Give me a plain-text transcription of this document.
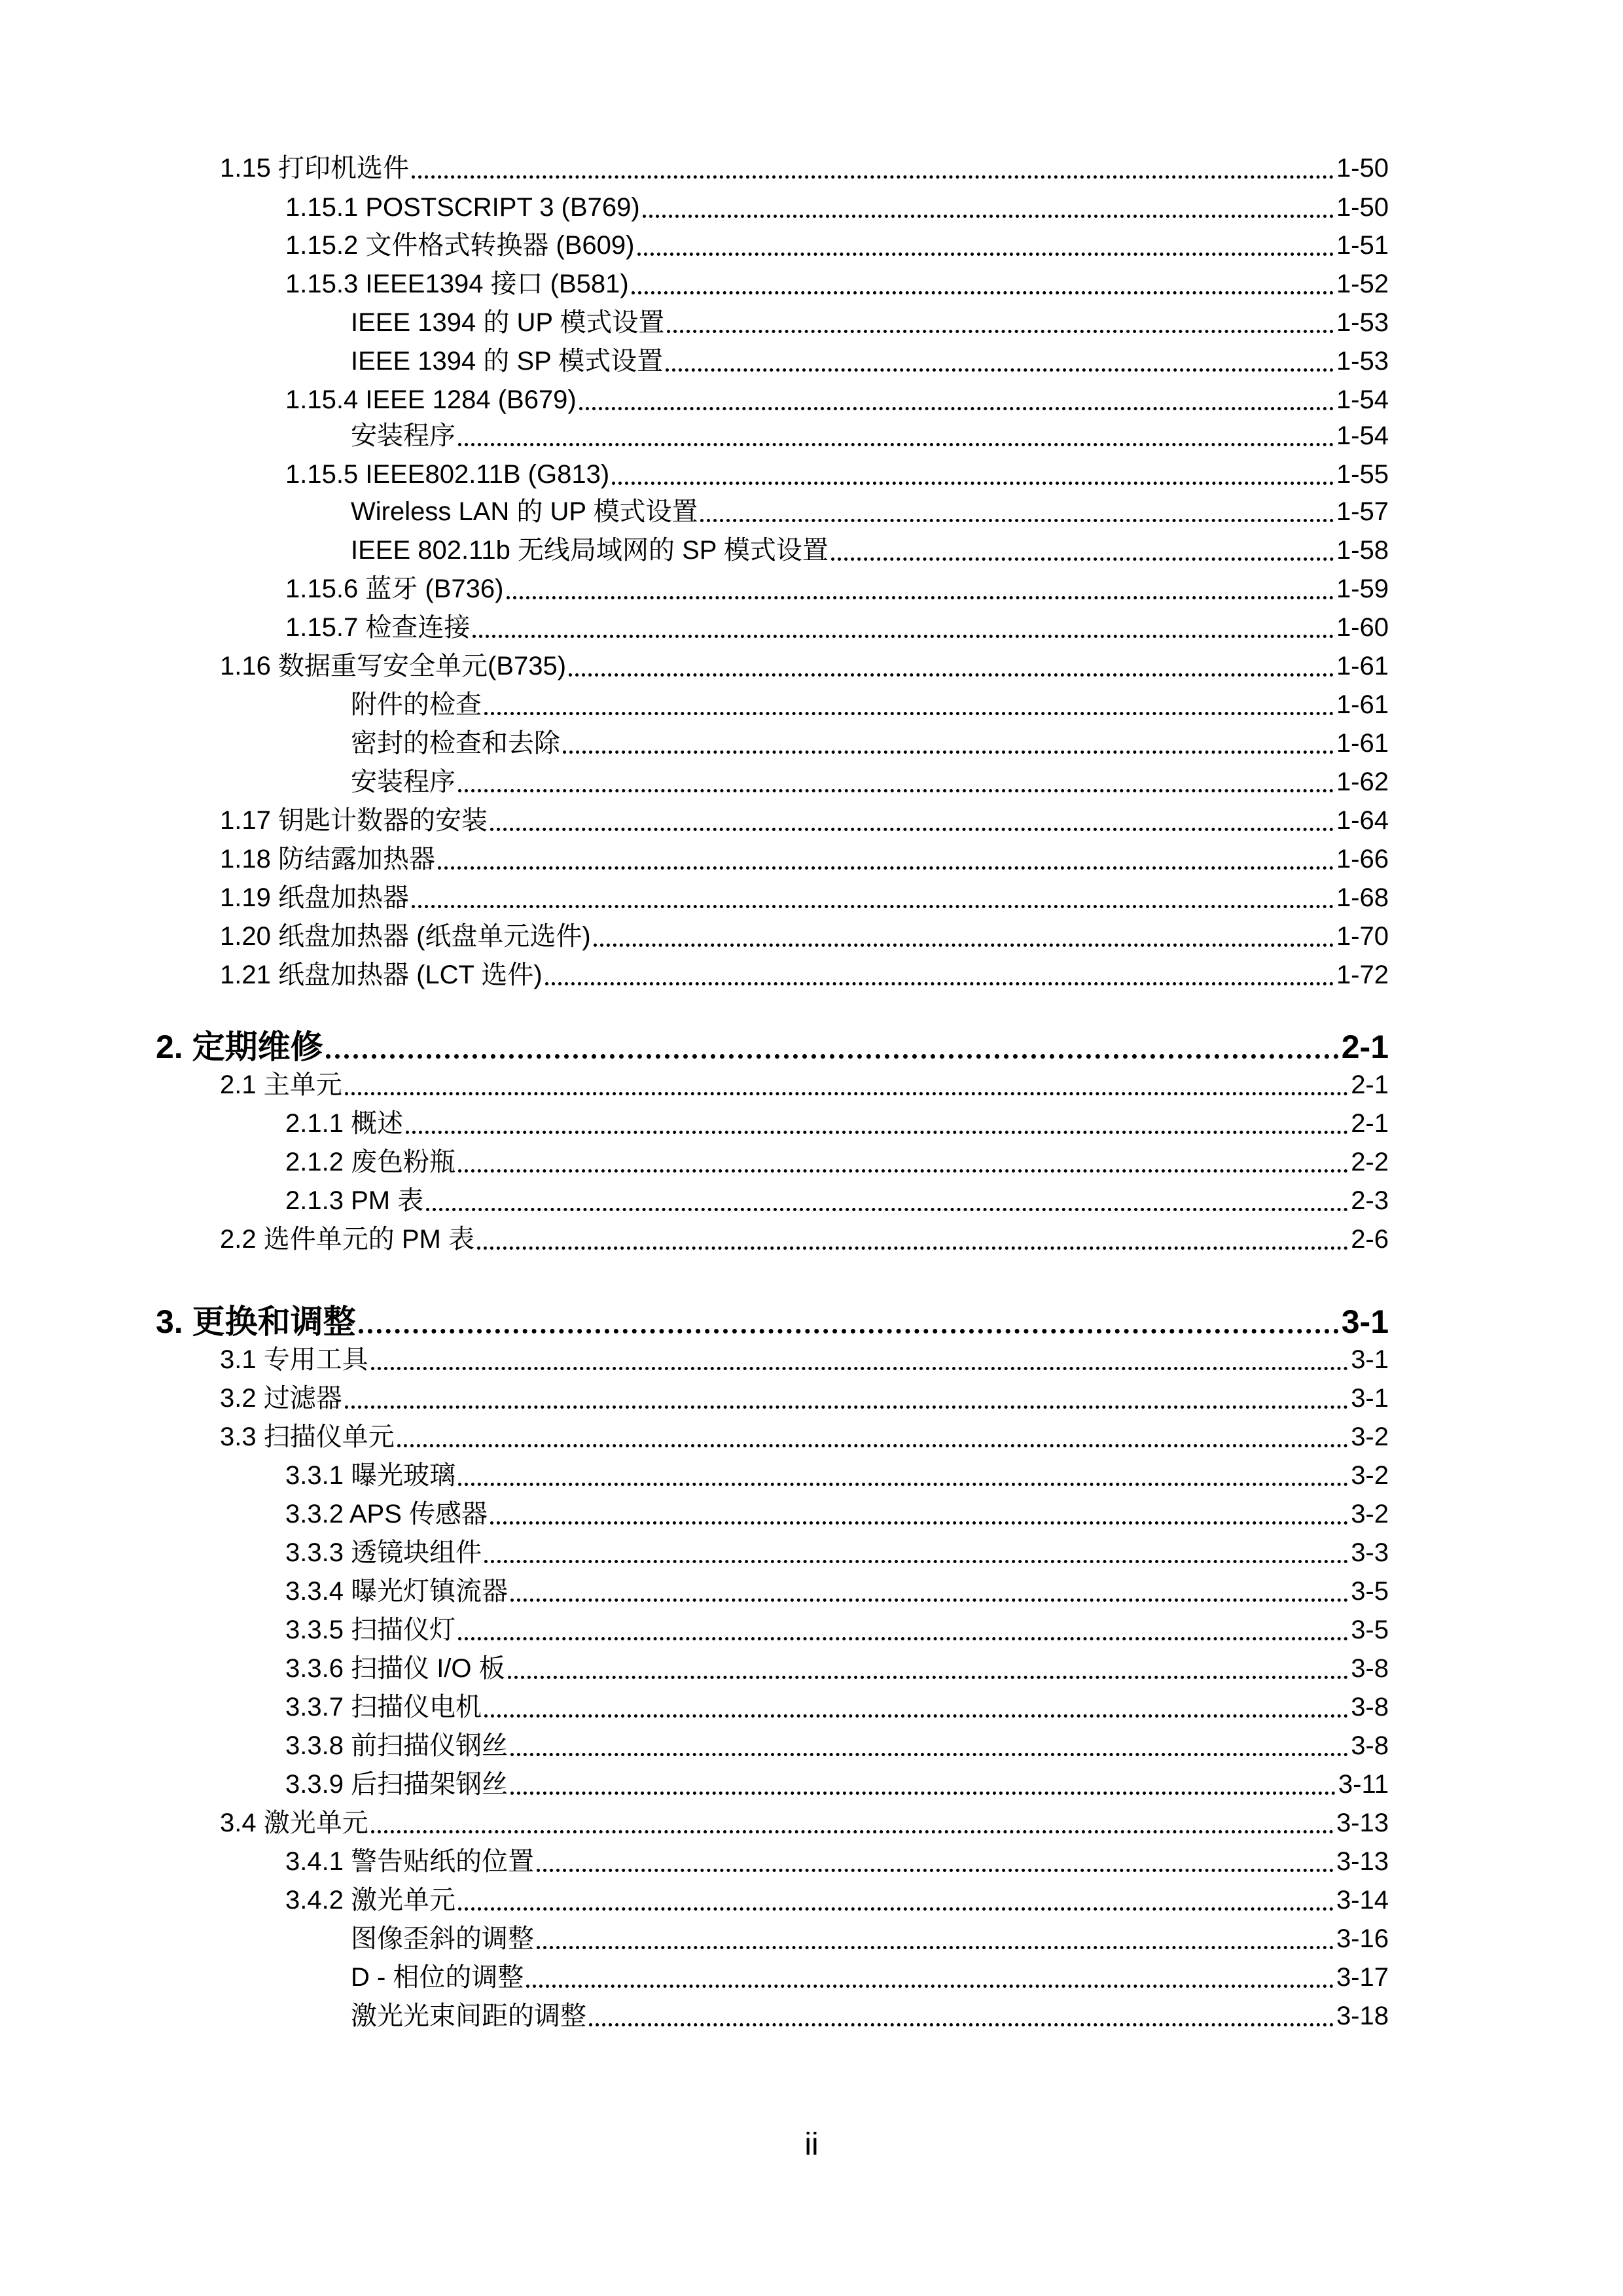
1.15 打印机选件	1-50
1.15.1 POSTSCRIPT 3 (B769)	1-50
1.15.2 文件格式转换器 (B609)	1-51
1.15.3 IEEE1394 接口 (B581)	1-52
IEEE 1394 的 UP 模式设置	1-53
IEEE 1394 的 SP 模式设置	1-53
1.15.4 IEEE 1284 (B679)	1-54
安装程序	1-54
1.15.5 IEEE802.11B (G813)	1-55
Wireless LAN 的 UP 模式设置	1-57
IEEE 802.11b 无线局域网的 SP 模式设置	1-58
1.15.6 蓝牙 (B736)	1-59
1.15.7 检查连接	1-60
1.16 数据重写安全单元(B735)	1-61
附件的检查	1-61
密封的检查和去除	1-61
安装程序	1-62
1.17 钥匙计数器的安装	1-64
1.18 防结露加热器	1-66
1.19 纸盘加热器	1-68
1.20 纸盘加热器 (纸盘单元选件)	1-70
1.21 纸盘加热器 (LCT 选件)	1-72
2. 定期维修	2-1
2.1 主单元	2-1
2.1.1 概述	2-1
2.1.2 废色粉瓶	2-2
2.1.3 PM 表	2-3
2.2 选件单元的 PM 表	2-6
3. 更换和调整	3-1
3.1 专用工具	3-1
3.2 过滤器	3-1
3.3 扫描仪单元	3-2
3.3.1 曝光玻璃	3-2
3.3.2 APS 传感器	3-2
3.3.3 透镜块组件	3-3
3.3.4 曝光灯镇流器	3-5
3.3.5 扫描仪灯	3-5
3.3.6 扫描仪 I/O 板	3-8
3.3.7 扫描仪电机	3-8
3.3.8 前扫描仪钢丝	3-8
3.3.9 后扫描架钢丝	3-11
3.4 激光单元	3-13
3.4.1 警告贴纸的位置	3-13
3.4.2 激光单元	3-14
图像歪斜的调整	3-16
D - 相位的调整	3-17
激光光束间距的调整	3-18
ii
